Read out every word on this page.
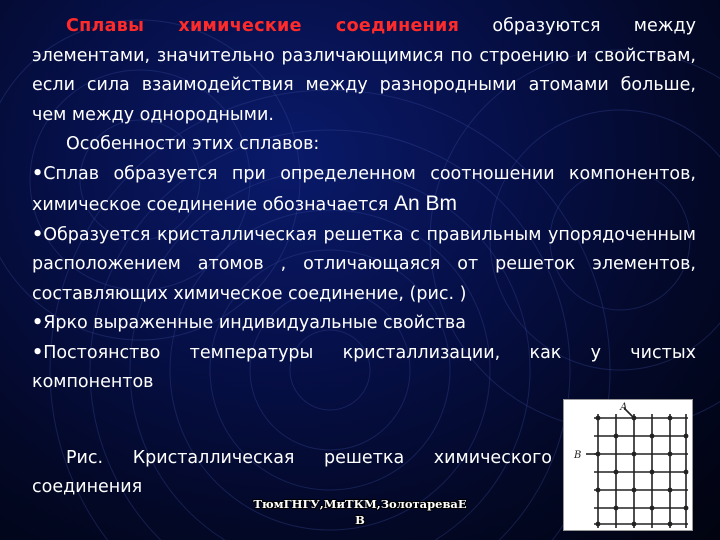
Сплавы химические соединения образуются между элементами, значительно различающимися по строению и свойствам, если сила взаимодействия между разнородными атомами больше, чем между однородными.

Особенности этих сплавов:

•Сплав образуется при определенном соотношении компонентов, химическое соединение обозначается An Bm

•Образуется кристаллическая решетка с правильным упорядоченным расположением атомов , отличающаяся от решеток элементов, составляющих химическое соединение, (рис. )

•Ярко выраженные индивидуальные свойства

•Постоянство температуры кристаллизации, как у чистых компонентов

Рис. Кристаллическая решетка химического соединения

А
В
ТюмГНГУ,МиТКМ,ЗолотареваЕ
В
